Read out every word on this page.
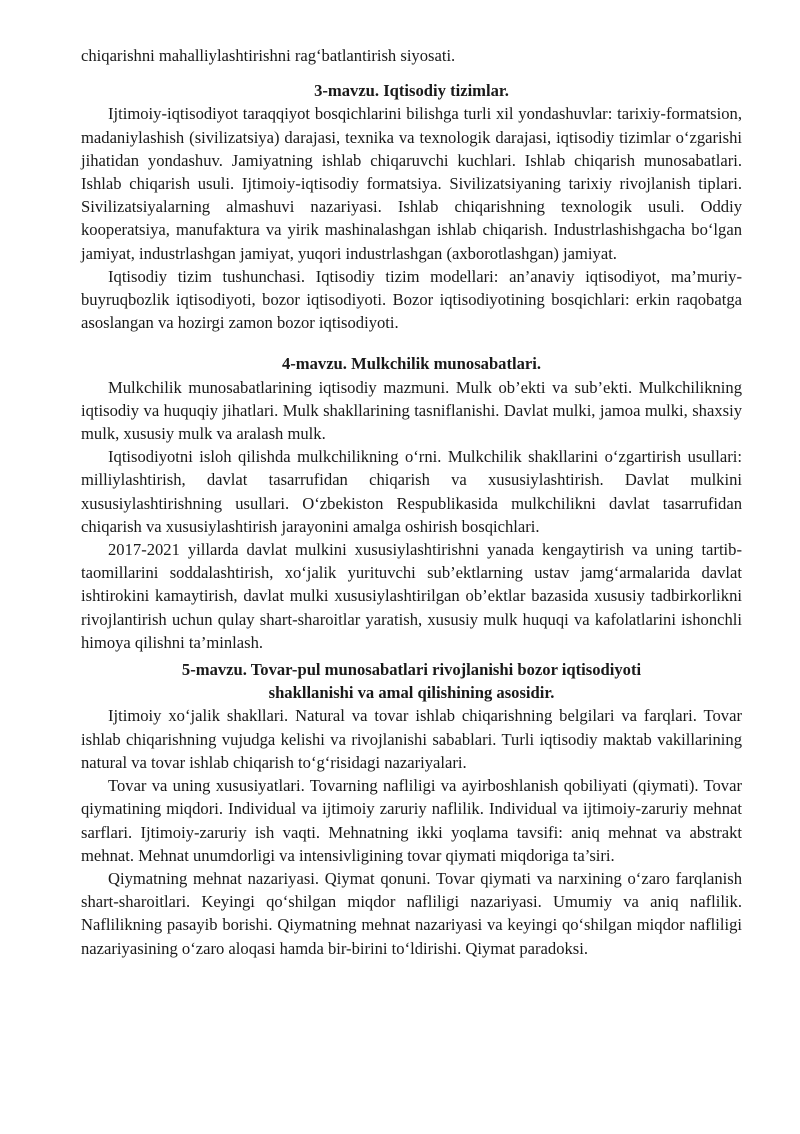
chiqarishni mahalliylashtirishni rag‘batlantirish siyosati.

3-mavzu. Iqtisodiy tizimlar.

Ijtimoiy-iqtisodiyot taraqqiyot bosqichlarini bilishga turli xil yondashuvlar: tarixiy-formatsion, madaniylashish (sivilizatsiya) darajasi, texnika va texnologik darajasi, iqtisodiy tizimlar o‘zgarishi jihatidan yondashuv. Jamiyatning ishlab chiqaruvchi kuchlari. Ishlab chiqarish munosabatlari. Ishlab chiqarish usuli. Ijtimoiy-iqtisodiy formatsiya. Sivilizatsiyaning tarixiy rivojlanish tiplari. Sivilizatsiyalarning almashuvi nazariyasi. Ishlab chiqarishning texnologik usuli. Oddiy kooperatsiya, manufaktura va yirik mashinalashgan ishlab chiqarish. Industrlashishgacha bo‘lgan jamiyat, industrlashgan jamiyat, yuqori industrlashgan (axborotlashgan) jamiyat.

Iqtisodiy tizim tushunchasi. Iqtisodiy tizim modellari: an’anaviy iqtisodiyot, ma’muriy-buyruqbozlik iqtisodiyoti, bozor iqtisodiyoti. Bozor iqtisodiyotining bosqichlari: erkin raqobatga asoslangan va hozirgi zamon bozor iqtisodiyoti.

4-mavzu. Mulkchilik munosabatlari.

Mulkchilik munosabatlarining iqtisodiy mazmuni. Mulk ob’ekti va sub’ekti. Mulkchilikning iqtisodiy va huquqiy jihatlari. Mulk shakllarining tasniflanishi. Davlat mulki, jamoa mulki, shaxsiy mulk, xususiy mulk va aralash mulk.

Iqtisodiyotni isloh qilishda mulkchilikning o‘rni. Mulkchilik shakllarini o‘zgartirish usullari: milliylashtirish, davlat tasarrufidan chiqarish va xususiylashtirish. Davlat mulkini xususiylashtirishning usullari. O‘zbekiston Respublikasida mulkchilikni davlat tasarrufidan chiqarish va xususiylashtirish jarayonini amalga oshirish bosqichlari.

2017-2021 yillarda davlat mulkini xususiylashtirishni yanada kengaytirish va uning tartib-taomillarini soddalashtirish, xo‘jalik yurituvchi sub’ektlarning ustav jamg‘armalarida davlat ishtirokini kamaytirish, davlat mulki xususiylashtirilgan ob’ektlar bazasida xususiy tadbirkorlikni rivojlantirish uchun qulay shart-sharoitlar yaratish, xususiy mulk huquqi va kafolatlarini ishonchli himoya qilishni ta’minlash.

5-mavzu. Tovar-pul munosabatlari rivojlanishi bozor iqtisodiyoti
shakllanishi va amal qilishining asosidir.

Ijtimoiy xo‘jalik shakllari. Natural va tovar ishlab chiqarishning belgilari va farqlari. Tovar ishlab chiqarishning vujudga kelishi va rivojlanishi sabablari. Turli iqtisodiy maktab vakillarining natural va tovar ishlab chiqarish to‘g‘risidagi nazariyalari.

Tovar va uning xususiyatlari. Tovarning nafliligi va ayirboshlanish qobiliyati (qiymati). Tovar qiymatining miqdori. Individual va ijtimoiy zaruriy naflilik. Individual va ijtimoiy-zaruriy mehnat sarflari. Ijtimoiy-zaruriy ish vaqti. Mehnatning ikki yoqlama tavsifi: aniq mehnat va abstrakt mehnat. Mehnat unumdorligi va intensivligining tovar qiymati miqdoriga ta’siri.

Qiymatning mehnat nazariyasi. Qiymat qonuni. Tovar qiymati va narxining o‘zaro farqlanish shart-sharoitlari. Keyingi qo‘shilgan miqdor nafliligi nazariyasi. Umumiy va aniq naflilik. Naflilikning pasayib borishi. Qiymatning mehnat nazariyasi va keyingi qo‘shilgan miqdor nafliligi nazariyasining o‘zaro aloqasi hamda bir-birini to‘ldirishi. Qiymat paradoksi.
